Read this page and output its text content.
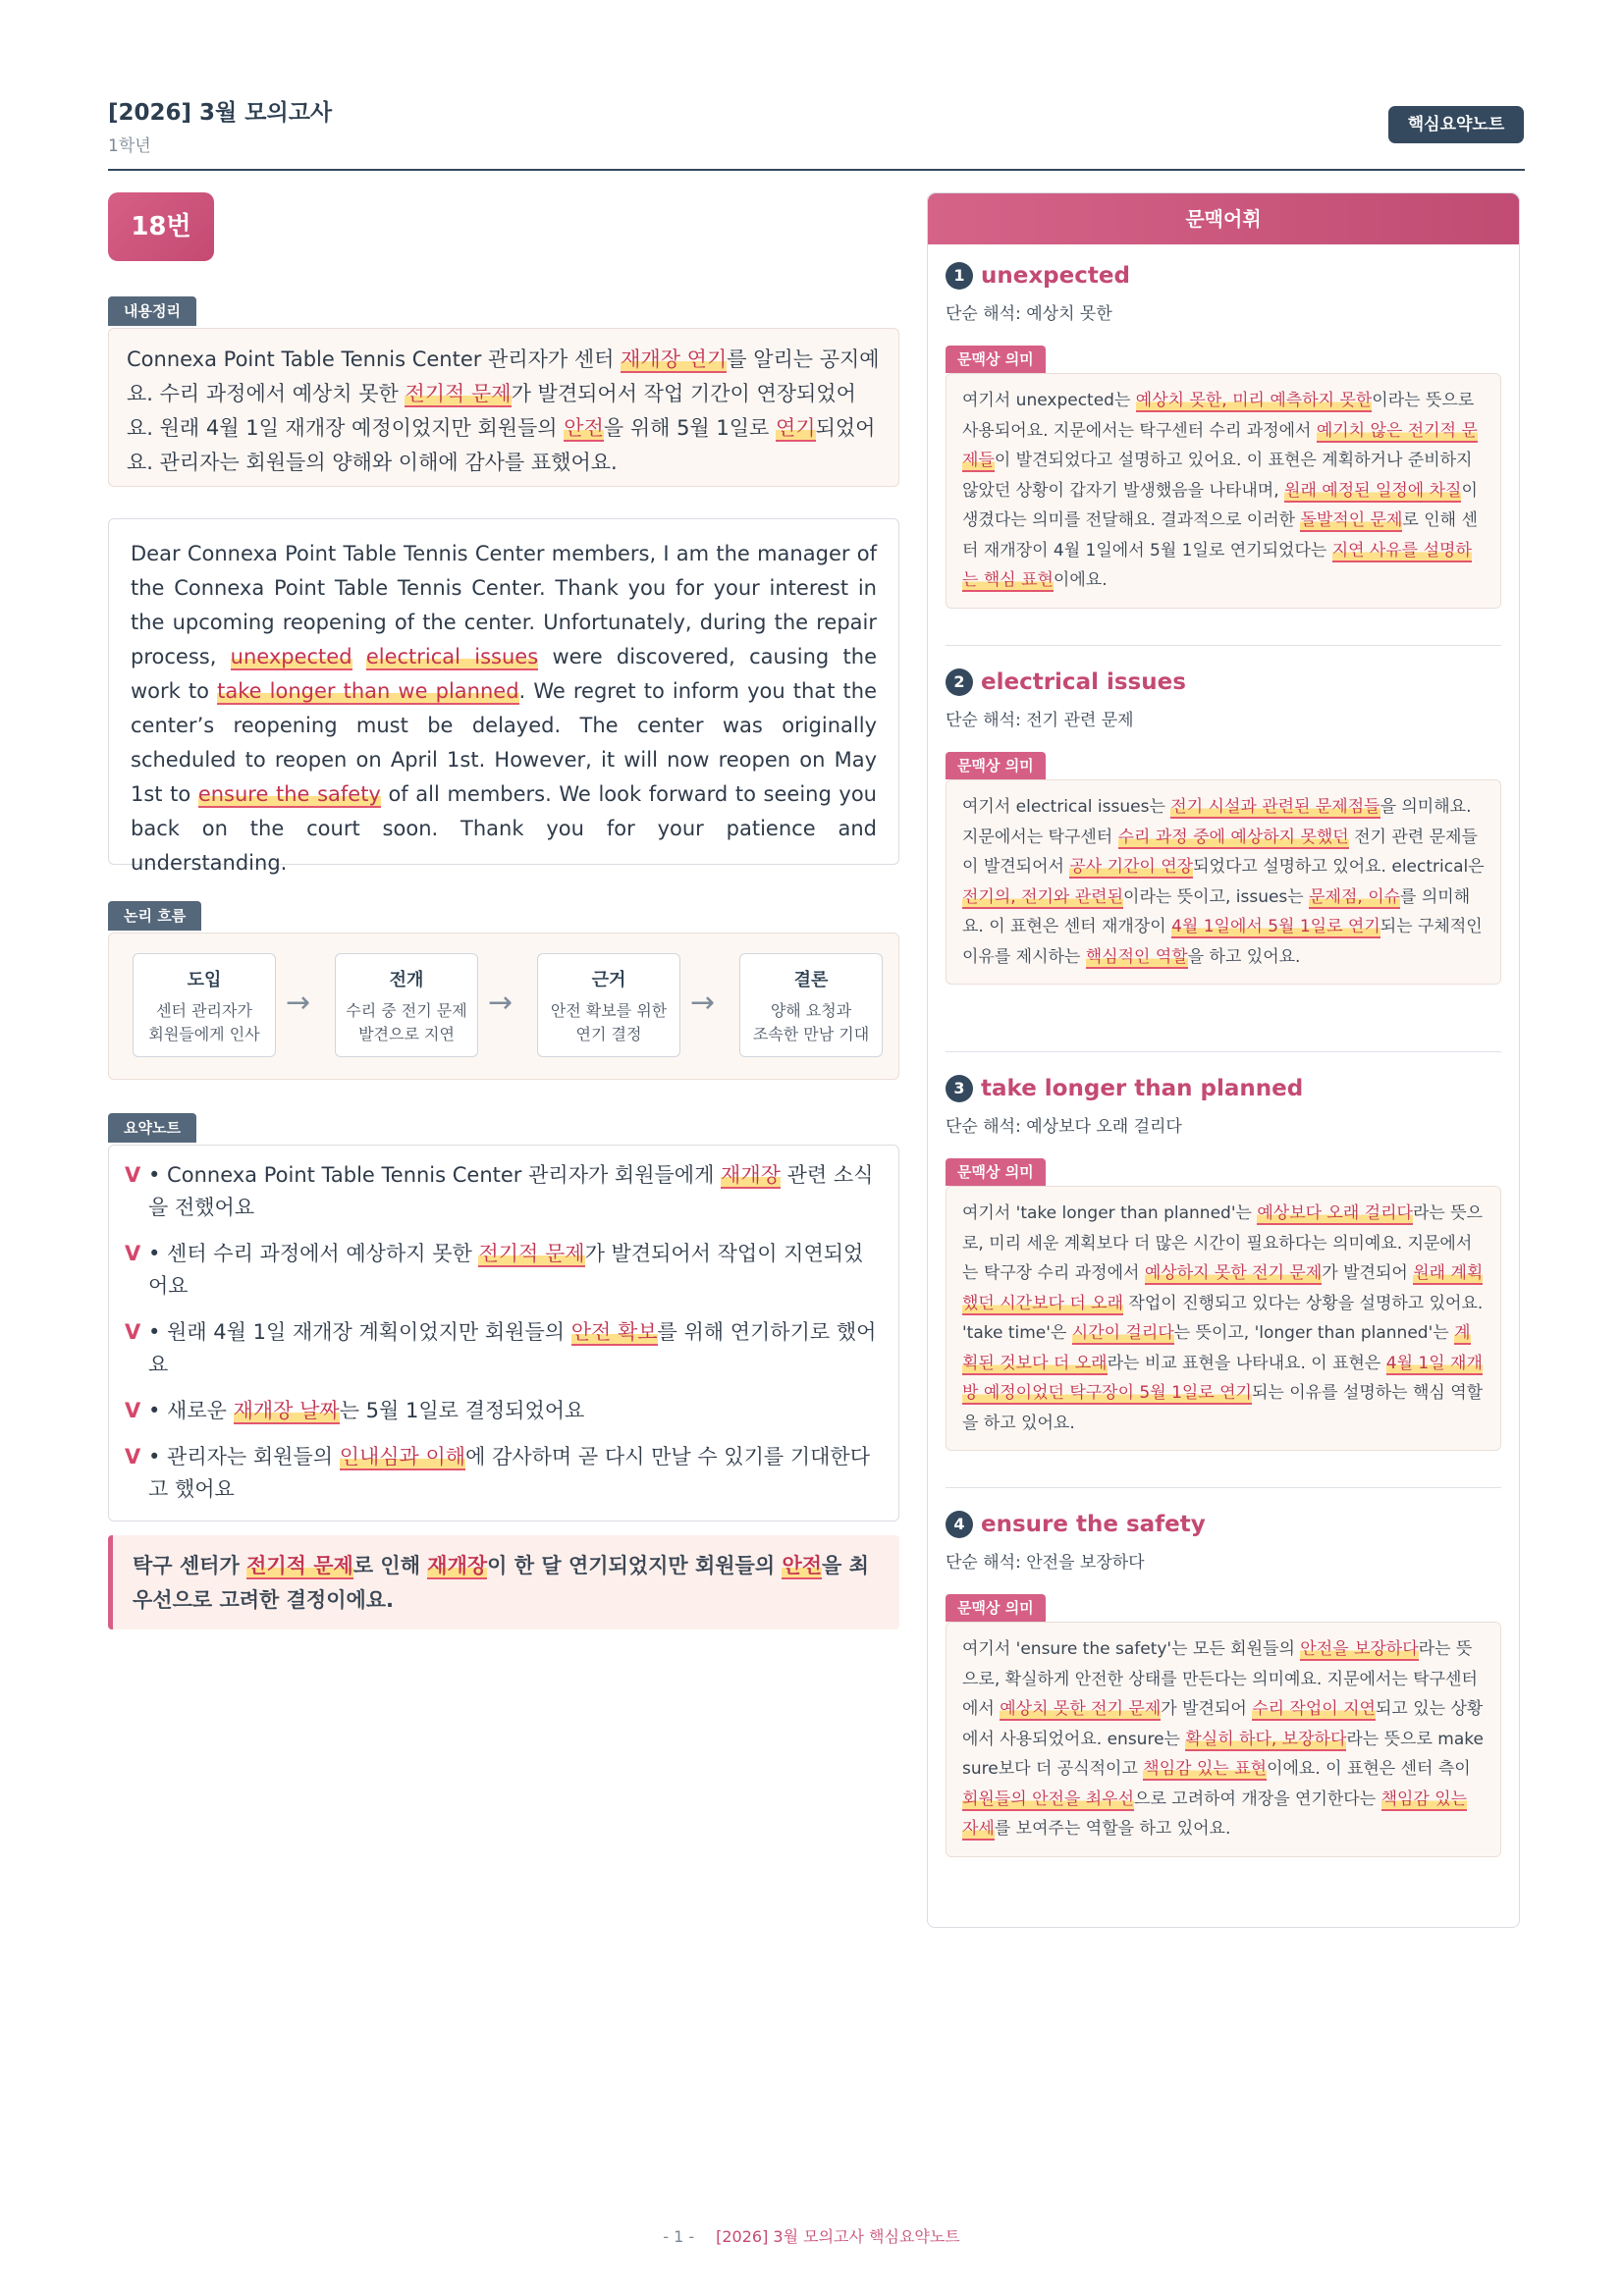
[2026] 3월 모의고사
1학년
핵심요약노트
18번
내용정리
Connexa Point Table Tennis Center 관리자가 센터 재개장 연기를 알리는 공지예요. 수리 과정에서 예상치 못한 전기적 문제가 발견되어서 작업 기간이 연장되었어요. 원래 4월 1일 재개장 예정이었지만 회원들의 안전을 위해 5월 1일로 연기되었어요. 관리자는 회원들의 양해와 이해에 감사를 표했어요.
Dear Connexa Point Table Tennis Center members, I am the manager of the Connexa Point Table Tennis Center. Thank you for your interest in the upcoming reopening of the center. Unfortunately, during the repair process, unexpected electrical issues were discovered, causing the work to take longer than we planned. We regret to inform you that the center’s reopening must be delayed. The center was originally scheduled to reopen on April 1st. However, it will now reopen on May 1st to ensure the safety of all members. We look forward to seeing you back on the court soon. Thank you for your patience and understanding.
논리 흐름
도입
센터 관리자가
회원들에게 인사
→
전개
수리 중 전기 문제
발견으로 지연
→
근거
안전 확보를 위한
연기 결정
→
결론
양해 요청과
조속한 만남 기대
요약노트
V • Connexa Point Table Tennis Center 관리자가 회원들에게 재개장 관련 소식을 전했어요
V • 센터 수리 과정에서 예상하지 못한 전기적 문제가 발견되어서 작업이 지연되었어요
V • 원래 4월 1일 재개장 계획이었지만 회원들의 안전 확보를 위해 연기하기로 했어요
V • 새로운 재개장 날짜는 5월 1일로 결정되었어요
V • 관리자는 회원들의 인내심과 이해에 감사하며 곧 다시 만날 수 있기를 기대한다고 했어요
탁구 센터가 전기적 문제로 인해 재개장이 한 달 연기되었지만 회원들의 안전을 최우선으로 고려한 결정이에요.
문맥어휘
1 unexpected
단순 해석: 예상치 못한
문맥상 의미
여기서 unexpected는 예상치 못한, 미리 예측하지 못한이라는 뜻으로 사용되어요. 지문에서는 탁구센터 수리 과정에서 예기치 않은 전기적 문제들이 발견되었다고 설명하고 있어요. 이 표현은 계획하거나 준비하지 않았던 상황이 갑자기 발생했음을 나타내며, 원래 예정된 일정에 차질이 생겼다는 의미를 전달해요. 결과적으로 이러한 돌발적인 문제로 인해 센터 재개장이 4월 1일에서 5월 1일로 연기되었다는 지연 사유를 설명하는 핵심 표현이에요.
2 electrical issues
단순 해석: 전기 관련 문제
문맥상 의미
여기서 electrical issues는 전기 시설과 관련된 문제점들을 의미해요. 지문에서는 탁구센터 수리 과정 중에 예상하지 못했던 전기 관련 문제들이 발견되어서 공사 기간이 연장되었다고 설명하고 있어요. electrical은 전기의, 전기와 관련된이라는 뜻이고, issues는 문제점, 이슈를 의미해요. 이 표현은 센터 재개장이 4월 1일에서 5월 1일로 연기되는 구체적인 이유를 제시하는 핵심적인 역할을 하고 있어요.
3 take longer than planned
단순 해석: 예상보다 오래 걸리다
문맥상 의미
여기서 'take longer than planned'는 예상보다 오래 걸리다라는 뜻으로, 미리 세운 계획보다 더 많은 시간이 필요하다는 의미예요. 지문에서는 탁구장 수리 과정에서 예상하지 못한 전기 문제가 발견되어 원래 계획했던 시간보다 더 오래 작업이 진행되고 있다는 상황을 설명하고 있어요. 'take time'은 시간이 걸리다는 뜻이고, 'longer than planned'는 계획된 것보다 더 오래라는 비교 표현을 나타내요. 이 표현은 4월 1일 재개방 예정이었던 탁구장이 5월 1일로 연기되는 이유를 설명하는 핵심 역할을 하고 있어요.
4 ensure the safety
단순 해석: 안전을 보장하다
문맥상 의미
여기서 'ensure the safety'는 모든 회원들의 안전을 보장하다라는 뜻으로, 확실하게 안전한 상태를 만든다는 의미예요. 지문에서는 탁구센터에서 예상치 못한 전기 문제가 발견되어 수리 작업이 지연되고 있는 상황에서 사용되었어요. ensure는 확실히 하다, 보장하다라는 뜻으로 make sure보다 더 공식적이고 책임감 있는 표현이에요. 이 표현은 센터 측이 회원들의 안전을 최우선으로 고려하여 개장을 연기한다는 책임감 있는 자세를 보여주는 역할을 하고 있어요.
- 1 - [2026] 3월 모의고사 핵심요약노트
